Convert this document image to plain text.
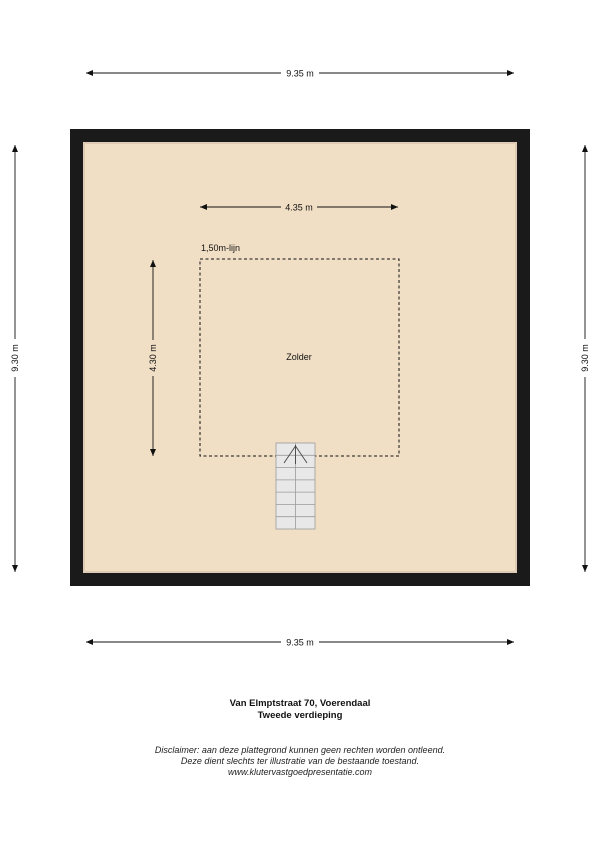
9.35 m
9.35 m
9.30 m	9.30 m
4.35 m
4.30 m
1,50m-lijn
Zolder
Van Elmptstraat 70, Voerendaal
Tweede verdieping
Disclaimer: aan deze plattegrond kunnen geen rechten worden ontleend.
Deze dient slechts ter illustratie van de bestaande toestand.
www.klutervastgoedpresentatie.com
